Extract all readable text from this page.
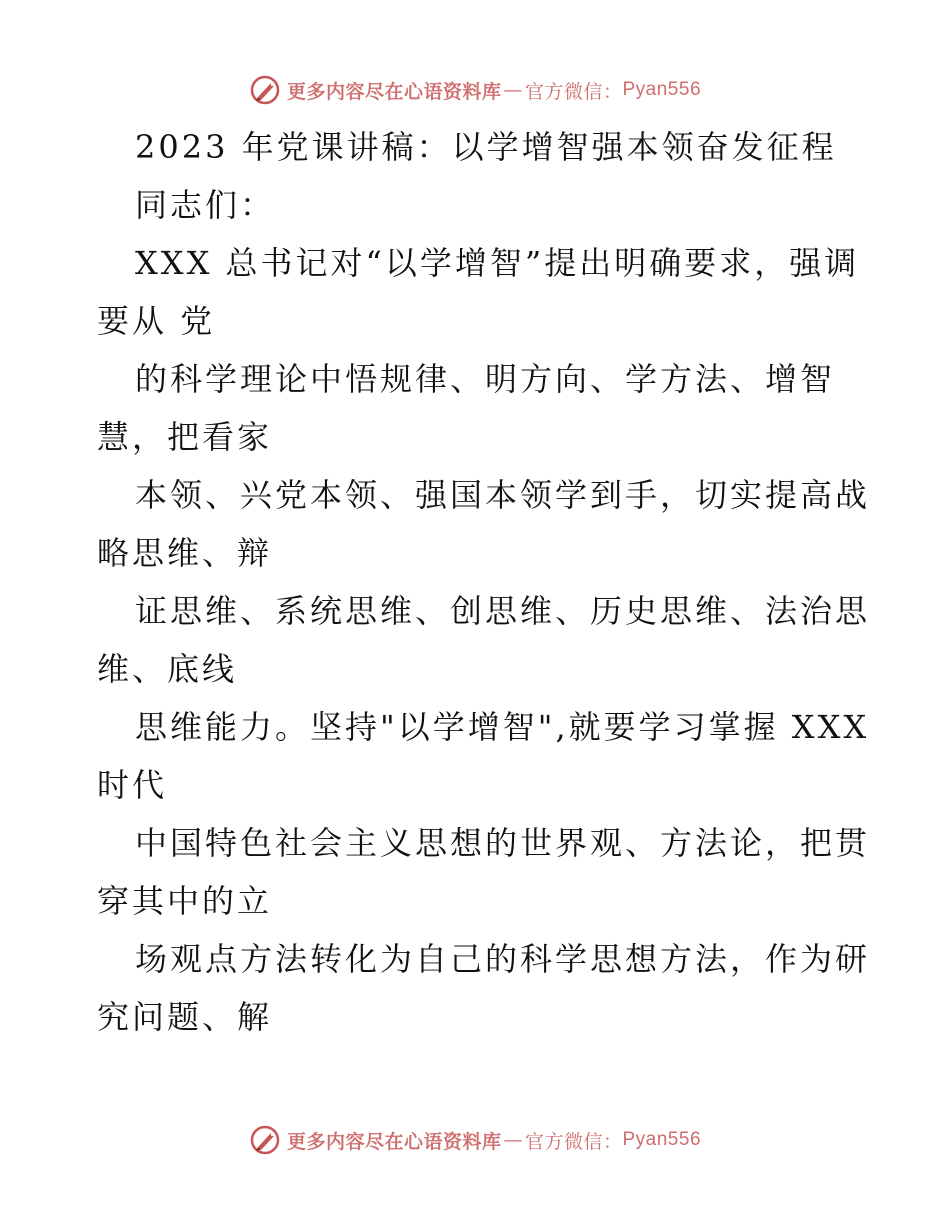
更多内容尽在心语资料库 — 官方微信： Pyan556

2023 年党课讲稿：以学增智强本领奋发征程

同志们：

XXX 总书记对“以学增智”提出明确要求，强调

要从 党

的科学理论中悟规律、明方向、学方法、增智

慧，把看家

本领、兴党本领、强国本领学到手，切实提高战

略思维、辩

证思维、系统思维、创思维、历史思维、法治思

维、底线

思维能力。坚持"以学增智",就要学习掌握 XXX

时代

中国特色社会主义思想的世界观、方法论，把贯

穿其中的立

场观点方法转化为自己的科学思想方法，作为研

究问题、解

更多内容尽在心语资料库 — 官方微信： Pyan556
